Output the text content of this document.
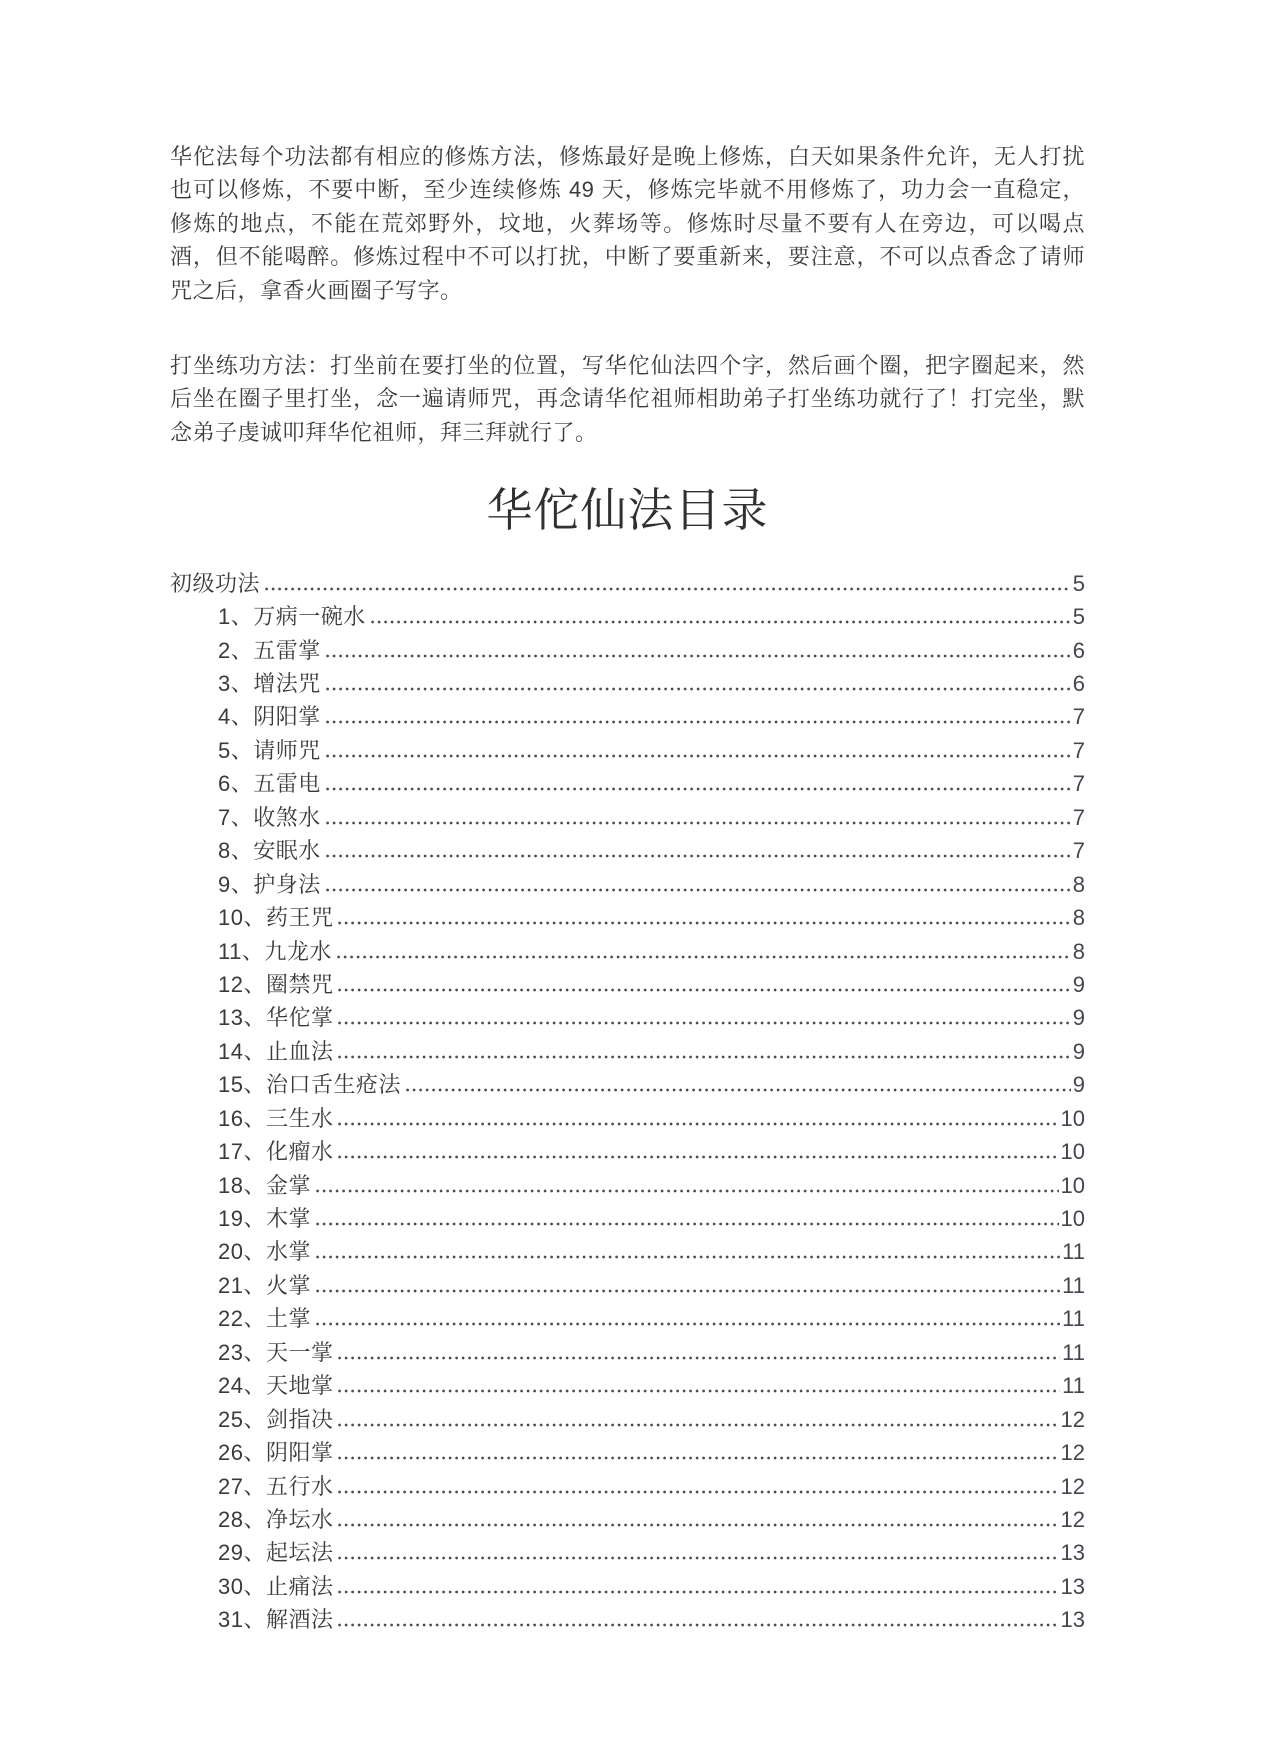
华佗法每个功法都有相应的修炼方法，修炼最好是晚上修炼，白天如果条件允许，无人打扰也可以修炼，不要中断，至少连续修炼 49 天，修炼完毕就不用修炼了，功力会一直稳定，修炼的地点，不能在荒郊野外，坟地，火葬场等。修炼时尽量不要有人在旁边，可以喝点酒，但不能喝醉。修炼过程中不可以打扰，中断了要重新来，要注意，不可以点香念了请师咒之后，拿香火画圈子写字。

打坐练功方法：打坐前在要打坐的位置，写华佗仙法四个字，然后画个圈，把字圈起来，然后坐在圈子里打坐，念一遍请师咒，再念请华佗祖师相助弟子打坐练功就行了！打完坐，默念弟子虔诚叩拜华佗祖师，拜三拜就行了。

华佗仙法目录
初级功法	5
1、万病一碗水	5
2、五雷掌	6
3、增法咒	6
4、阴阳掌	7
5、请师咒	7
6、五雷电	7
7、收煞水	7
8、安眠水	7
9、护身法	8
10、药王咒	8
11、九龙水	8
12、圈禁咒	9
13、华佗掌	9
14、止血法	9
15、治口舌生疮法	9
16、三生水	10
17、化瘤水	10
18、金掌	10
19、木掌	10
20、水掌	11
21、火掌	11
22、土掌	11
23、天一掌	11
24、天地掌	11
25、剑指决	12
26、阴阳掌	12
27、五行水	12
28、净坛水	12
29、起坛法	13
30、止痛法	13
31、解酒法	13
